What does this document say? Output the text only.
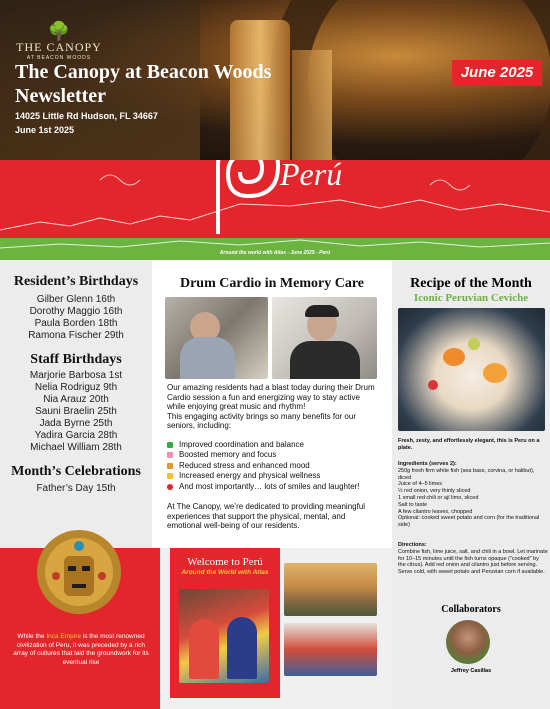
🌳
THE CANOPY
AT BEACON WOODS
The Canopy at Beacon Woods
Newsletter
14025 Little Rd Hudson, FL 34667
June 1st 2025
June 2025
Perú
Around the world with Atlas - June 2025 - Perú
Resident’s Birthdays
Gilber Glenn 16th
Dorothy Maggio 16th
Paula Borden 18th
Ramona Fischer 29th
Staff Birthdays
Marjorie Barbosa 1st
Nelia Rodriguz 9th
Nia Arauz 20th
Sauni Braelin 25th
Jada Byrne 25th
Yadira Garcia 28th
Michael William 28th
Month’s Celebrations
Father’s Day 15th
Drum Cardio in Memory Care
Our amazing residents had a blast today during their Drum Cardio session a fun and energizing way to stay active while enjoying great music and rhythm!
This engaging activity brings so many benefits for our seniors, including:
Improved coordination and balance
Boosted memory and focus
Reduced stress and enhanced mood
Increased energy and physical wellness
And most importantly… lots of smiles and laughter!
At The Canopy, we’re dedicated to providing meaningful experiences that support the physical, mental, and emotional well-being of our residents.
Recipe of the Month
Iconic Peruvian Ceviche
Fresh, zesty, and effortlessly elegant, this is Peru on a plate.
Ingredients (serves 2):
250g fresh firm white fish (sea bass, corvina, or halibut), diced
Juice of 4–5 limes
½ red onion, very thinly sliced
1 small red chili or ají limo, sliced
Salt to taste
A few cilantro leaves, chopped
Optional: cooked sweet potato and corn (for the traditional side)
Directions:
Combine fish, lime juice, salt, and chili in a bowl. Let marinate for 10–15 minutes until the fish turns opaque ("cooked" by the citrus). Add red onion and cilantro just before serving. Serve cold, with sweet potato and Peruvian corn if available.
Collaborators
Jeffrey Casillas
While the Inca Empire is the most renowned civilization of Peru, it was preceded by a rich array of cultures that laid the groundwork for its eventual rise
Welcome to Perú
Around the World with Atlas
